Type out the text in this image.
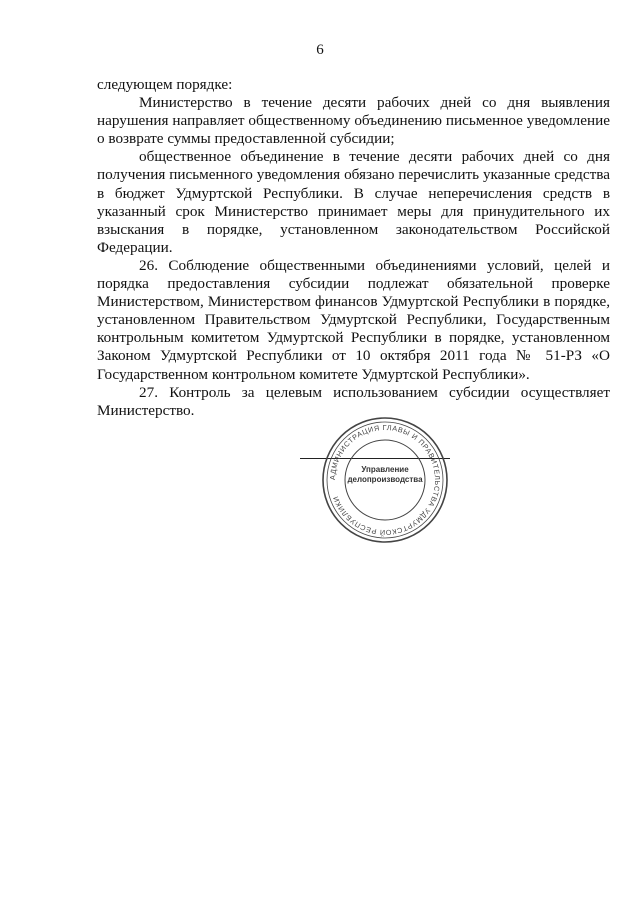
6

следующем порядке:

Министерство в течение десяти рабочих дней со дня выявления нарушения направляет общественному объединению письменное уведомление о возврате суммы предоставленной субсидии;

общественное объединение в течение десяти рабочих дней со дня получения письменного уведомления обязано перечислить указанные средства в бюджет Удмуртской Республики. В случае неперечисления средств в указанный срок Министерство принимает меры для принудительного их взыскания в порядке, установленном законодательством Российской Федерации.

26. Соблюдение общественными объединениями условий, целей и порядка предоставления субсидии подлежат обязательной проверке Министерством, Министерством финансов Удмуртской Республики в порядке, установленном Правительством Удмуртской Республики, Государственным контрольным комитетом Удмуртской Республики в порядке, установленном Законом Удмуртской Республики от 10 октября 2011 года № 51-РЗ «О Государственном контрольном комитете Удмуртской Республики».

27. Контроль за целевым использованием субсидии осуществляет Министерство.

АДМИНИСТРАЦИЯ ГЛАВЫ И ПРАВИТЕЛЬСТВА УДМУРТСКОЙ РЕСПУБЛИКИ
Управление
делопроизводства
